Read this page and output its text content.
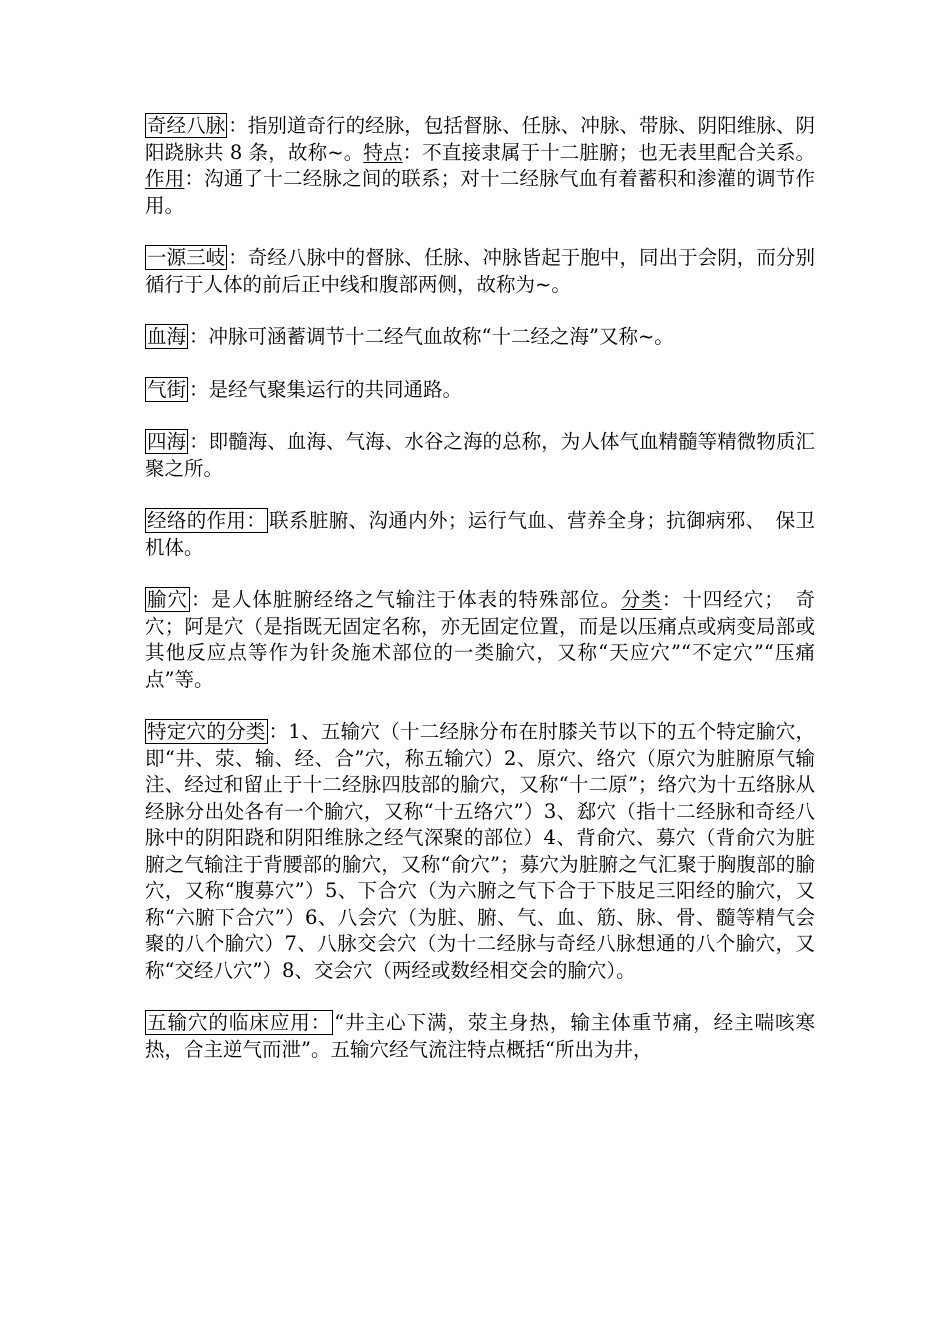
奇经八脉 ：指别道奇行的经脉，包括督脉、任脉、冲脉、带脉、阴阳维脉、阴阳跷脉共 8 条，故称~。特点：不直接隶属于十二脏腑；也无表里配合关系。作用：沟通了十二经脉之间的联系；对十二经脉气血有着蓄积和渗灌的调节作用。

一源三岐 ：奇经八脉中的督脉、任脉、冲脉皆起于胞中，同出于会阴，而分别循行于人体的前后正中线和腹部两侧，故称为~。

血海 ：冲脉可涵蓄调节十二经气血故称“十二经之海”又称~。

气街 ：是经气聚集运行的共同通路。

四海 ：即髓海、血海、气海、水谷之海的总称，为人体气血精髓等精微物质汇聚之所。

经络的作用： 联系脏腑、沟通内外；运行气血、营养全身；抗御病邪、　保卫机体。

腧穴 ：是人体脏腑经络之气输注于体表的特殊部位。分类：十四经穴；　奇穴；阿是穴（是指既无固定名称，亦无固定位置，而是以压痛点或病变局部或其他反应点等作为针灸施术部位的一类腧穴，又称“天应穴”“不定穴”“压痛点”等。

特定穴的分类 ：1、五输穴（十二经脉分布在肘膝关节以下的五个特定腧穴，即“井、荥、输、经、合”穴，称五输穴）2、原穴、络穴（原穴为脏腑原气输注、经过和留止于十二经脉四肢部的腧穴，又称“十二原”；络穴为十五络脉从经脉分出处各有一个腧穴，又称“十五络穴”）3、郄穴（指十二经脉和奇经八脉中的阴阳跷和阴阳维脉之经气深聚的部位）4、背俞穴、募穴（背俞穴为脏腑之气输注于背腰部的腧穴，又称“俞穴”；募穴为脏腑之气汇聚于胸腹部的腧穴，又称“腹募穴”）5、下合穴（为六腑之气下合于下肢足三阳经的腧穴，又称“六腑下合穴”）6、八会穴（为脏、腑、气、血、筋、脉、骨、髓等精气会聚的八个腧穴）7、八脉交会穴（为十二经脉与奇经八脉想通的八个腧穴，又称“交经八穴”）8、交会穴（两经或数经相交会的腧穴）。

五输穴的临床应用： “井主心下满，荥主身热，输主体重节痛，经主喘咳寒热，合主逆气而泄”。五输穴经气流注特点概括“所出为井，
